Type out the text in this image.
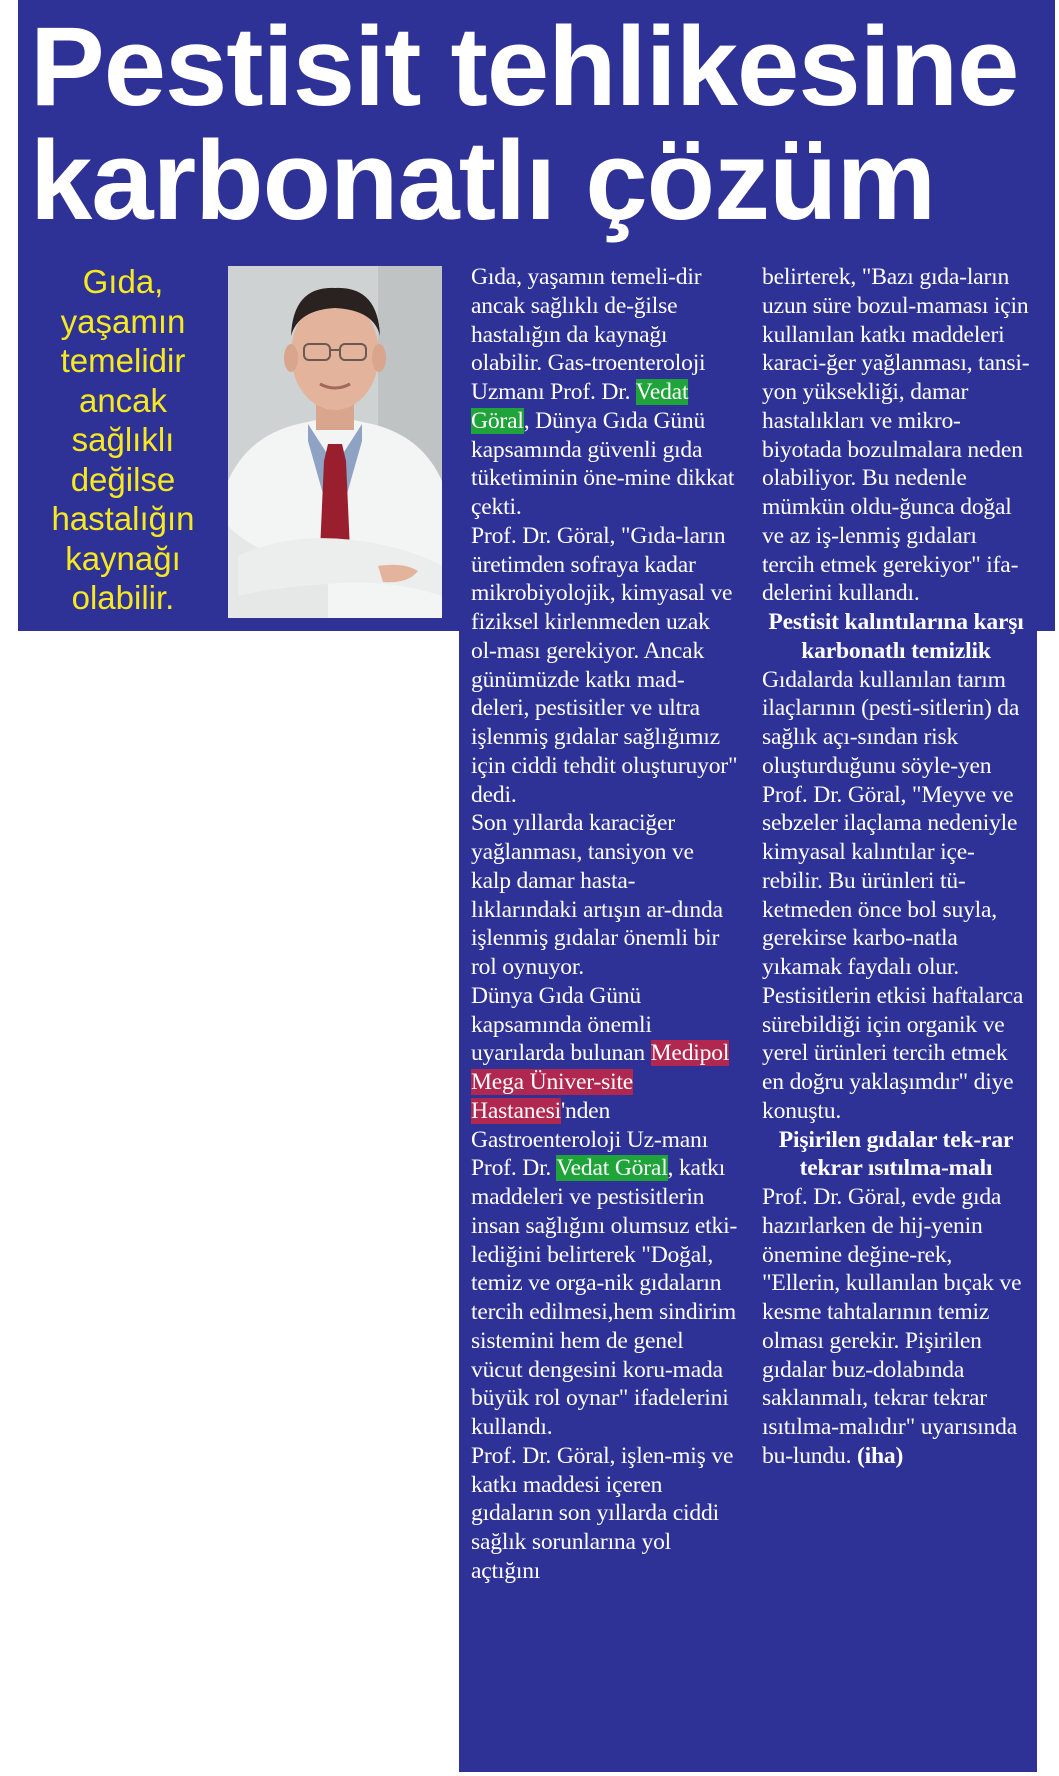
Pestisit tehlikesine karbonatlı çözüm
Gıda, yaşamın temelidir ancak sağlıklı değilse hastalığın kaynağı olabilir.

Gıda, yaşamın temeli-dir ancak sağlıklı de-ğilse hastalığın da kaynağı olabilir. Gas-troenteroloji Uzmanı Prof. Dr. Vedat Göral, Dünya Gıda Günü kapsamında güvenli gıda tüketiminin öne-mine dikkat çekti.

Prof. Dr. Göral, "Gıda-ların üretimden sofraya kadar mikrobiyolojik, kimyasal ve fiziksel kirlenmeden uzak ol-ması gerekiyor. Ancak günümüzde katkı mad-deleri, pestisitler ve ultra işlenmiş gıdalar sağlığımız için ciddi tehdit oluşturuyor" dedi.

Son yıllarda karaciğer yağlanması, tansiyon ve kalp damar hasta-lıklarındaki artışın ar-dında işlenmiş gıdalar önemli bir rol oynuyor.

Dünya Gıda Günü kapsamında önemli uyarılarda bulunan Medipol Mega Üniver-site Hastanesi'nden Gastroenteroloji Uz-manı Prof. Dr. Vedat Göral, katkı maddeleri ve pestisitlerin insan sağlığını olumsuz etki-lediğini belirterek "Doğal, temiz ve orga-nik gıdaların tercih edilmesi,hem sindirim sistemini hem de genel vücut dengesini koru-mada büyük rol oynar" ifadelerini kullandı.

Prof. Dr. Göral, işlen-miş ve katkı maddesi içeren gıdaların son yıllarda ciddi sağlık sorunlarına yol açtığını

belirterek, "Bazı gıda-ların uzun süre bozul-maması için kullanılan katkı maddeleri karaci-ğer yağlanması, tansi-yon yüksekliği, damar hastalıkları ve mikro-biyotada bozulmalara neden olabiliyor. Bu nedenle mümkün oldu-ğunca doğal ve az iş-lenmiş gıdaları tercih etmek gerekiyor" ifa-delerini kullandı.

Pestisit kalıntılarına karşı karbonatlı temizlik

Gıdalarda kullanılan tarım ilaçlarının (pesti-sitlerin) da sağlık açı-sından risk oluşturduğunu söyle-yen Prof. Dr. Göral, "Meyve ve sebzeler ilaçlama nedeniyle kimyasal kalıntılar içe-rebilir. Bu ürünleri tü-ketmeden önce bol suyla, gerekirse karbo-natla yıkamak faydalı olur. Pestisitlerin etkisi haftalarca sürebildiği için organik ve yerel ürünleri tercih etmek en doğru yaklaşımdır" diye konuştu.

Pişirilen gıdalar tek-rar tekrar ısıtılma-malı

Prof. Dr. Göral, evde gıda hazırlarken de hij-yenin önemine değine-rek, "Ellerin, kullanılan bıçak ve kesme tahtalarının temiz olması gerekir. Pişirilen gıdalar buz-dolabında saklanmalı, tekrar tekrar ısıtılma-malıdır" uyarısında bu-lundu. (iha)
